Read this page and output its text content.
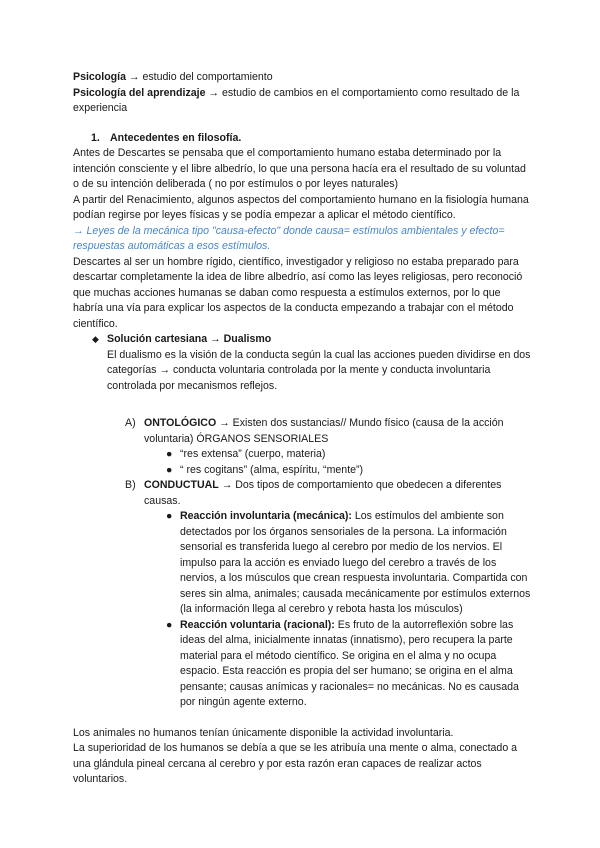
Psicología → estudio del comportamiento

Psicología del aprendizaje → estudio de cambios en el comportamiento como resultado de la experiencia

1. Antecedentes en filosofía.

Antes de Descartes se pensaba que el comportamiento humano estaba determinado por la intención consciente y el libre albedrío, lo que una persona hacía era el resultado de su voluntad o de su intención deliberada ( no por estímulos o por leyes naturales)

A partir del Renacimiento, algunos aspectos del comportamiento humano en la fisiología humana podían regirse por leyes físicas y se podía empezar a aplicar el método científico.

→ Leyes de la mecánica tipo "causa-efecto" donde causa= estímulos ambientales y efecto= respuestas automáticas a esos estímulos.

Descartes al ser un hombre rígido, científico, investigador y religioso no estaba preparado para descartar completamente la idea de libre albedrío, así como las leyes religiosas, pero reconoció que muchas acciones humanas se daban como respuesta a estímulos externos, por lo que habría una vía para explicar los aspectos de la conducta empezando a trabajar con el método científico.

◆ Solución cartesiana → Dualismo

El dualismo es la visión de la conducta según la cual las acciones pueden dividirse en dos categorías → conducta voluntaria controlada por la mente y conducta involuntaria controlada por mecanismos reflejos.

A) ONTOLÓGICO → Existen dos sustancias// Mundo físico (causa de la acción voluntaria) ÓRGANOS SENSORIALES

● “res extensa” (cuerpo, materia)

● “ res cogitans” (alma, espíritu, “mente”)

B) CONDUCTUAL → Dos tipos de comportamiento que obedecen a diferentes causas.

● Reacción involuntaria (mecánica): Los estímulos del ambiente son detectados por los órganos sensoriales de la persona. La información sensorial es transferida luego al cerebro por medio de los nervios. El impulso para la acción es enviado luego del cerebro a través de los nervios, a los músculos que crean respuesta involuntaria. Compartida con seres sin alma, animales; causada mecánicamente por estímulos externos (la información llega al cerebro y rebota hasta los músculos)

● Reacción voluntaria (racional): Es fruto de la autorreflexión sobre las ideas del alma, inicialmente innatas (innatismo), pero recupera la parte material para el método científico. Se origina en el alma y no ocupa espacio. Esta reacción es propia del ser humano; se origina en el alma pensante; causas anímicas y racionales= no mecánicas. No es causada por ningún agente externo.

Los animales no humanos tenían únicamente disponible la actividad involuntaria.

La superioridad de los humanos se debía a que se les atribuía una mente o alma, conectado a una glándula pineal cercana al cerebro y por esta razón eran capaces de realizar actos voluntarios.
